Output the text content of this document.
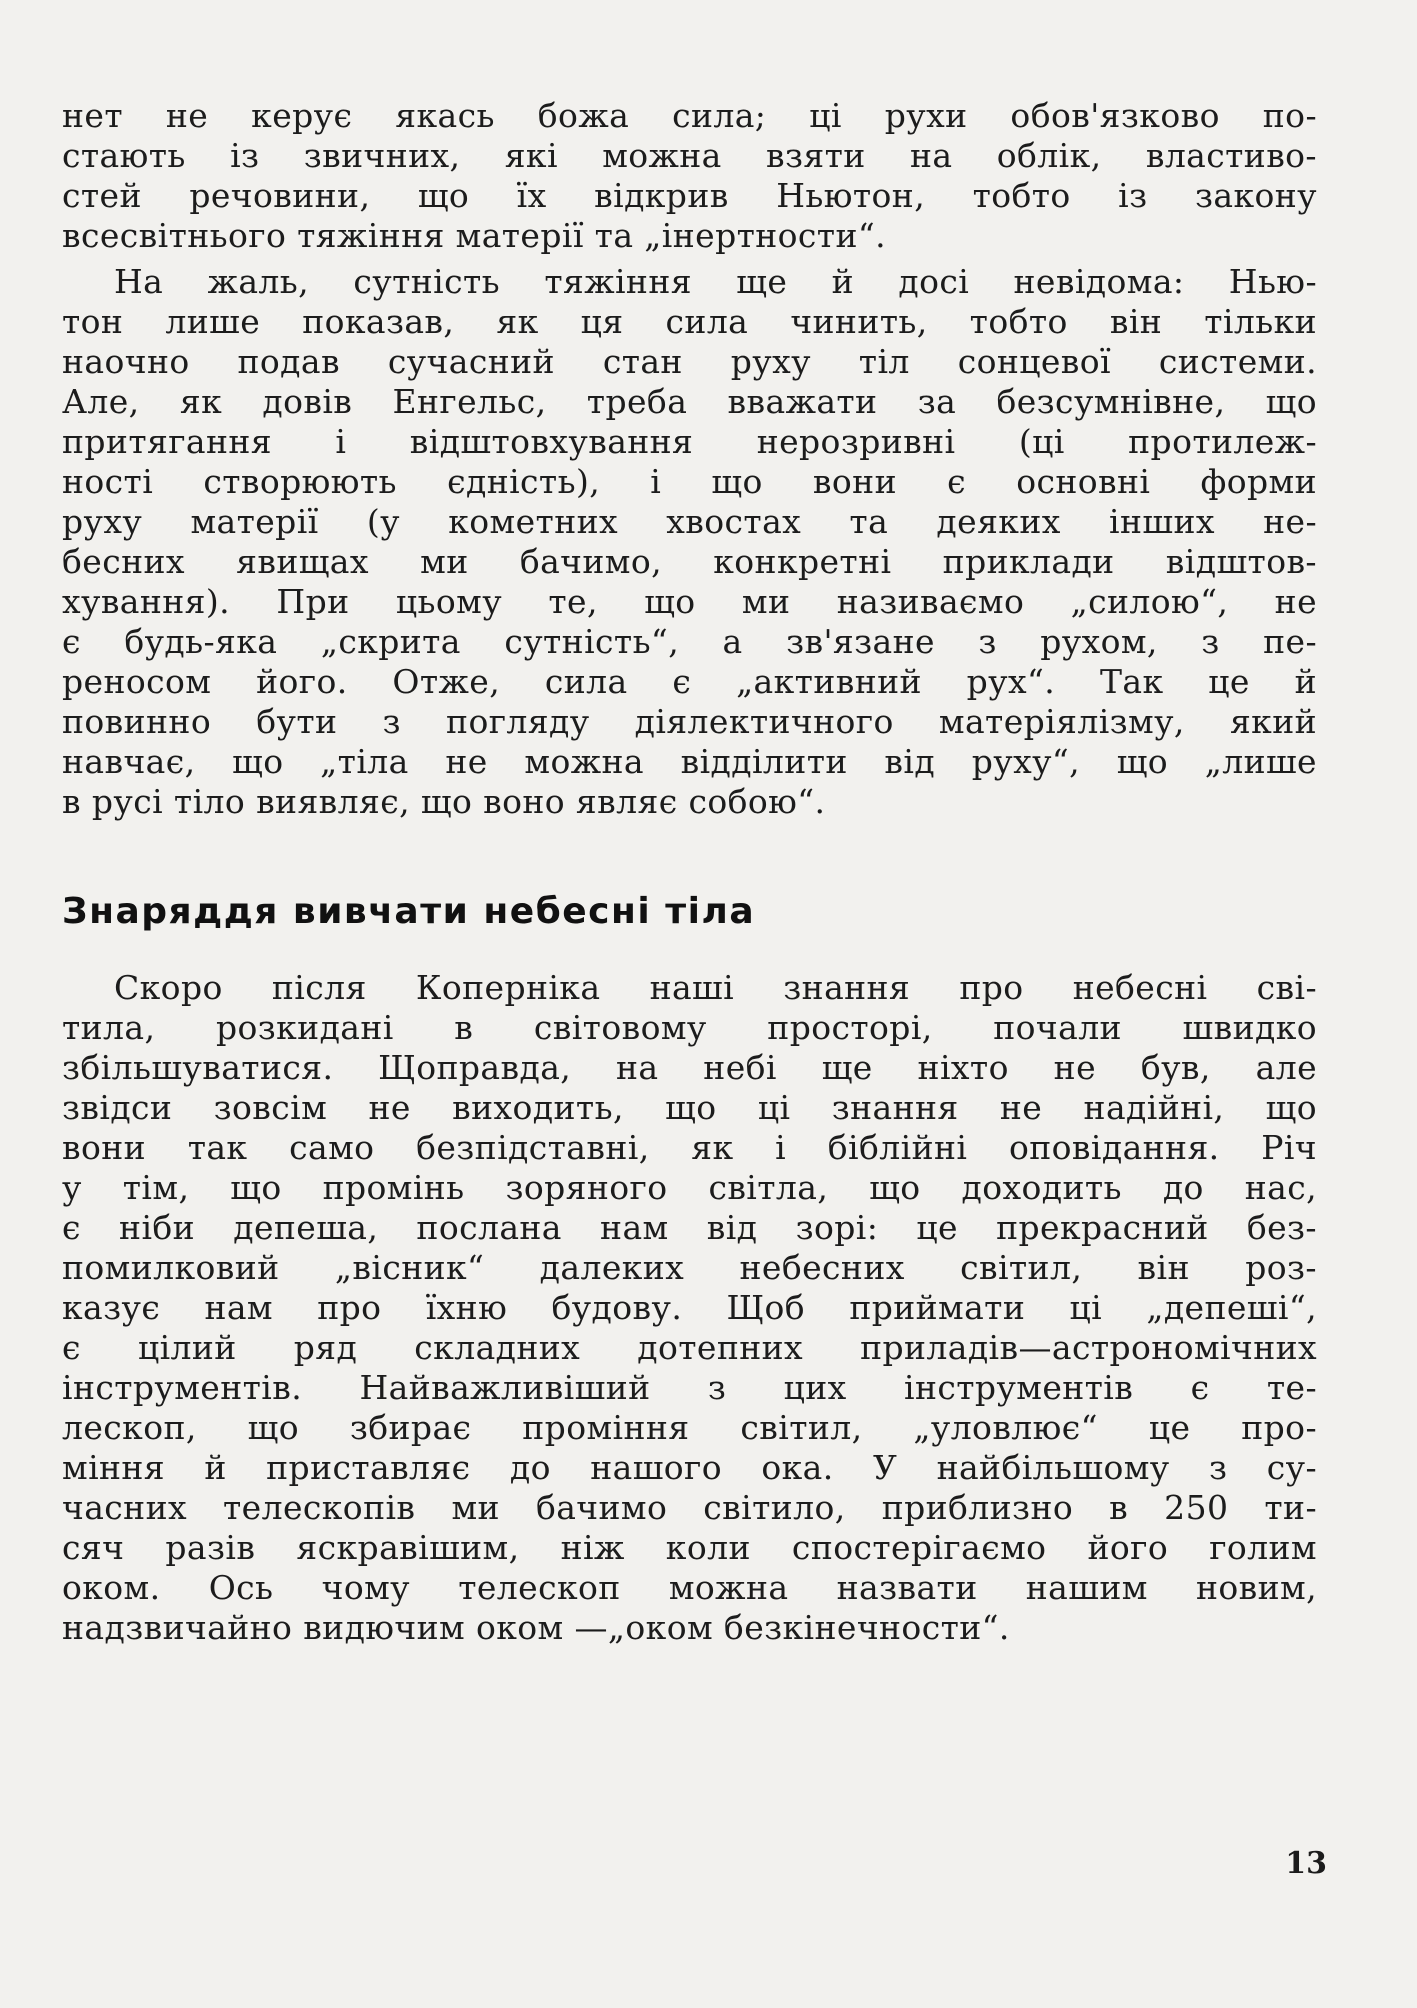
нет не керує якась божа сила; ці рухи обов'язково по-
стають із звичних, які можна взяти на облік, властиво-
стей речовини, що їх відкрив Ньютон, тобто із закону
всесвітнього тяжіння матерії та „інертности“.
На жаль, сутність тяжіння ще й досі невідома: Нью-
тон лише показав, як ця сила чинить, тобто він тільки
наочно подав сучасний стан руху тіл сонцевої системи.
Але, як довів Енгельс, треба вважати за безсумнівне, що
притягання і відштовхування нерозривні (ці протилеж-
ності створюють єдність), і що вони є основні форми
руху матерії (у кометних хвостах та деяких інших не-
бесних явищах ми бачимо, конкретні приклади відштов-
хування). При цьому те, що ми називаємо „силою“, не
є будь-яка „скрита сутність“, а зв'язане з рухом, з пе-
реносом його. Отже, сила є „активний рух“. Так це й
повинно бути з погляду діялектичного матеріялізму, який
навчає, що „тіла не можна відділити від руху“, що „лише
в русі тіло виявляє, що воно являє собою“.
Знаряддя вивчати небесні тіла
Скоро після Коперніка наші знання про небесні сві-
тила, розкидані в світовому просторі, почали швидко
збільшуватися. Щоправда, на небі ще ніхто не був, але
звідси зовсім не виходить, що ці знання не надійні, що
вони так само безпідставні, як і біблійні оповідання. Річ
у тім, що промінь зоряного світла, що доходить до нас,
є ніби депеша, послана нам від зорі: це прекрасний без-
помилковий „вісник“ далеких небесних світил, він роз-
казує нам про їхню будову. Щоб приймати ці „депеші“,
є цілий ряд складних дотепних приладів—астрономічних
інструментів. Найважливіший з цих інструментів є те-
лескоп, що збирає проміння світил, „уловлює“ це про-
міння й приставляє до нашого ока. У найбільшому з су-
часних телескопів ми бачимо світило, приблизно в 250 ти-
сяч разів яскравішим, ніж коли спостерігаємо його голим
оком. Ось чому телескоп можна назвати нашим новим,
надзвичайно видючим оком —„оком безкінечности“.
13
